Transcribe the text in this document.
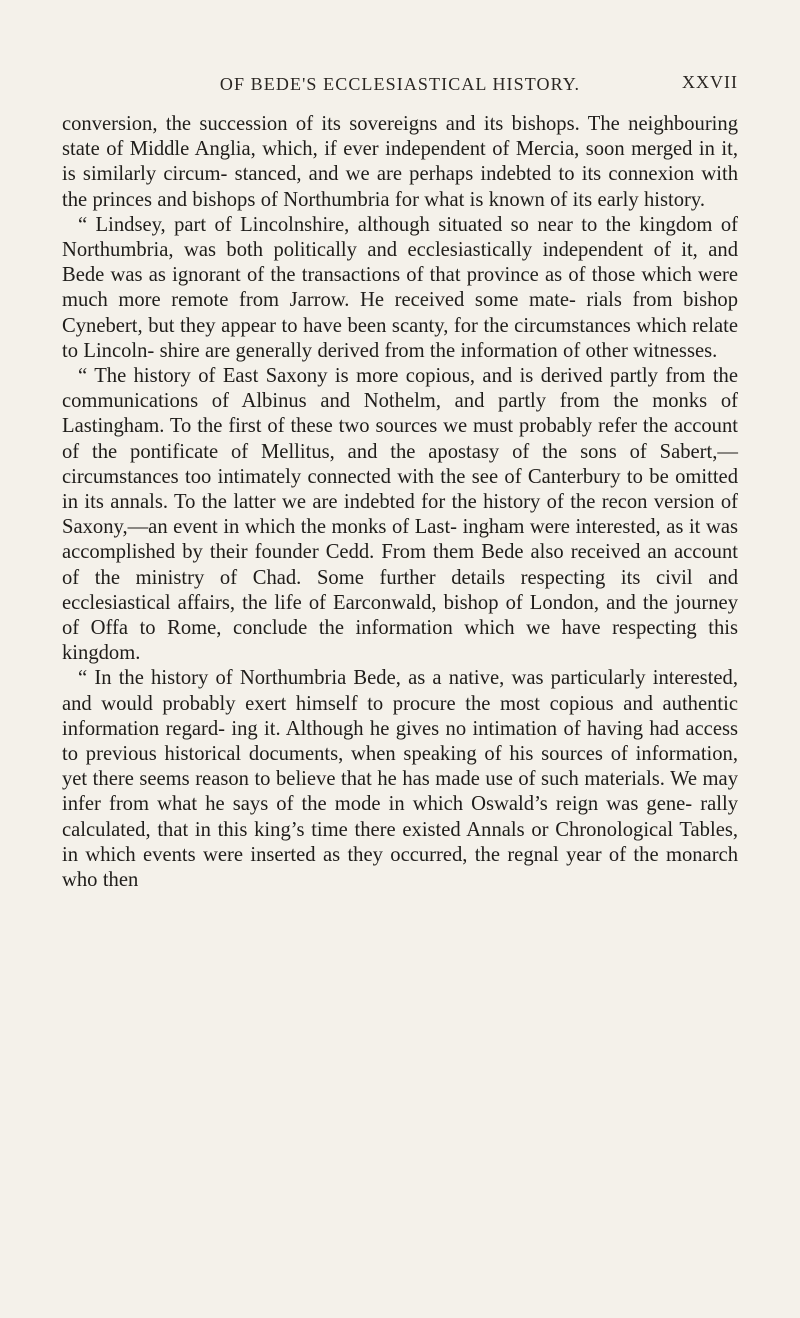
OF BEDE'S ECCLESIASTICAL HISTORY.	XXVII

conversion, the succession of its sovereigns and its bishops. The neighbouring state of Middle Anglia, which, if ever independent of Mercia, soon merged in it, is similarly circum- stanced, and we are perhaps indebted to its connexion with the princes and bishops of Northumbria for what is known of its early history.

“ Lindsey, part of Lincolnshire, although situated so near to the kingdom of Northumbria, was both politically and ecclesiastically independent of it, and Bede was as ignorant of the transactions of that province as of those which were much more remote from Jarrow. He received some mate- rials from bishop Cynebert, but they appear to have been scanty, for the circumstances which relate to Lincoln- shire are generally derived from the information of other witnesses.

“ The history of East Saxony is more copious, and is derived partly from the communications of Albinus and Nothelm, and partly from the monks of Lastingham. To the first of these two sources we must probably refer the account of the pontificate of Mellitus, and the apostasy of the sons of Sabert,—circumstances too intimately connected with the see of Canterbury to be omitted in its annals. To the latter we are indebted for the history of the recon version of Saxony,—an event in which the monks of Last- ingham were interested, as it was accomplished by their founder Cedd. From them Bede also received an account of the ministry of Chad. Some further details respecting its civil and ecclesiastical affairs, the life of Earconwald, bishop of London, and the journey of Offa to Rome, conclude the information which we have respecting this kingdom.

“ In the history of Northumbria Bede, as a native, was particularly interested, and would probably exert himself to procure the most copious and authentic information regard- ing it. Although he gives no intimation of having had access to previous historical documents, when speaking of his sources of information, yet there seems reason to believe that he has made use of such materials. We may infer from what he says of the mode in which Oswald’s reign was gene- rally calculated, that in this king’s time there existed Annals or Chronological Tables, in which events were inserted as they occurred, the regnal year of the monarch who then
